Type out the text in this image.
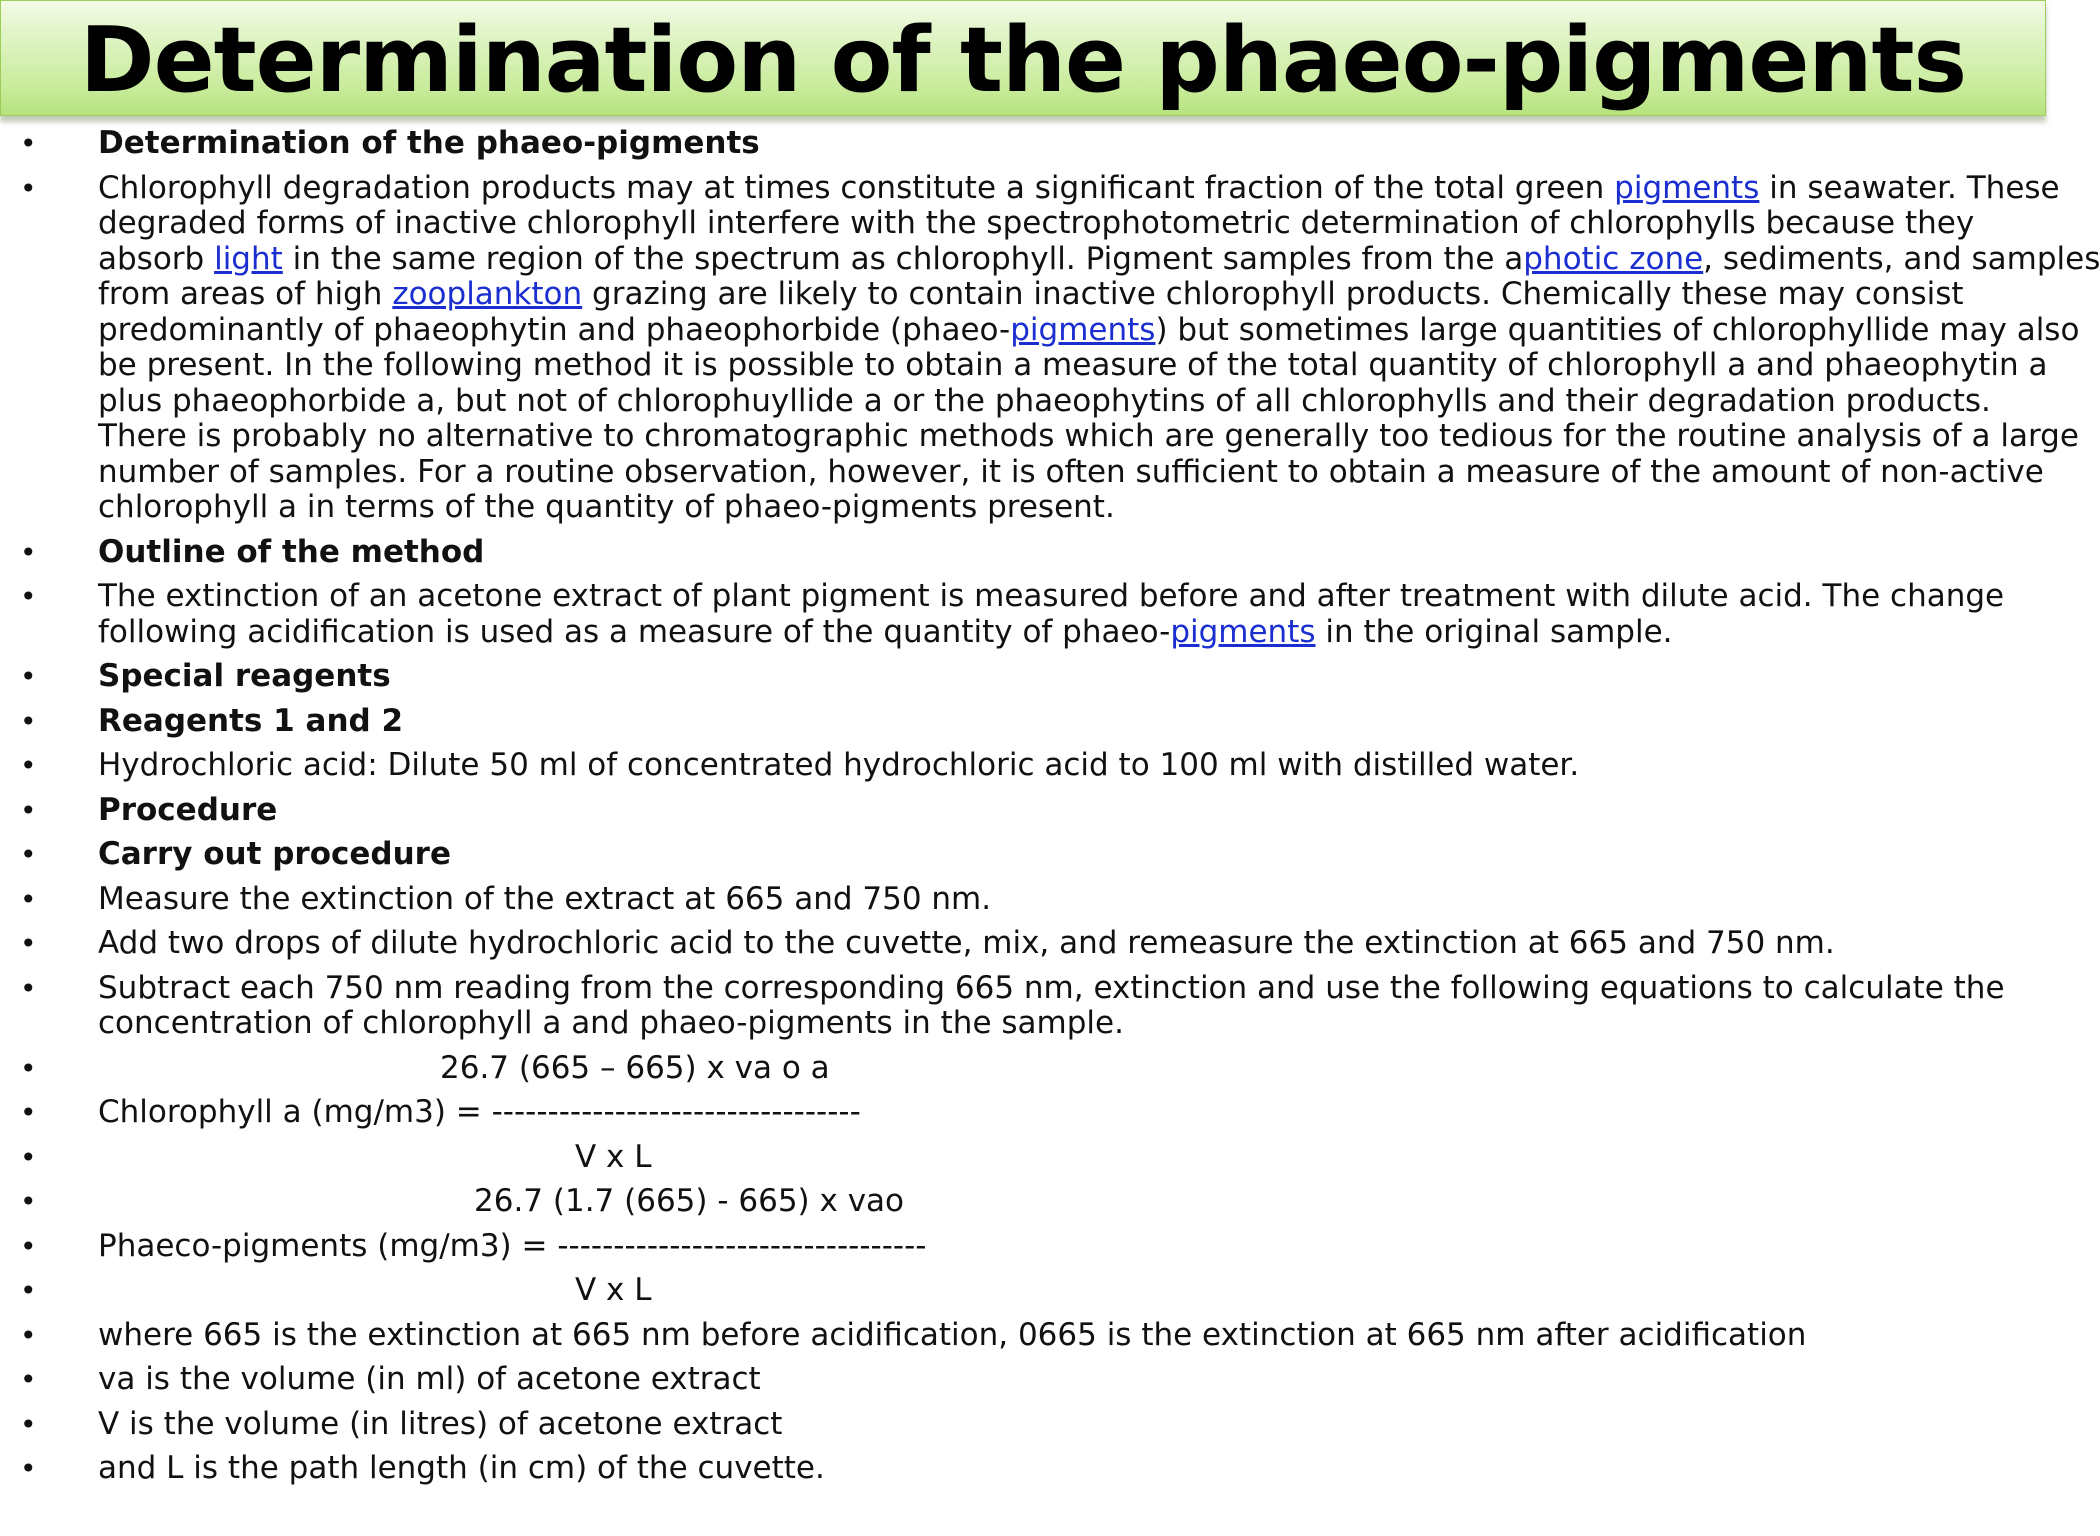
Determination of the phaeo-pigments
• Determination of the phaeo-pigments
• Chlorophyll degradation products may at times constitute a significant fraction of the total green pigments in seawater. These
degraded forms of inactive chlorophyll interfere with the spectrophotometric determination of chlorophylls because they
absorb light in the same region of the spectrum as chlorophyll. Pigment samples from the aphotic zone, sediments, and samples
from areas of high zooplankton grazing are likely to contain inactive chlorophyll products. Chemically these may consist
predominantly of phaeophytin and phaeophorbide (phaeo-pigments) but sometimes large quantities of chlorophyllide may also
be present. In the following method it is possible to obtain a measure of the total quantity of chlorophyll a and phaeophytin a
plus phaeophorbide a, but not of chlorophuyllide a or the phaeophytins of all chlorophylls and their degradation products.
There is probably no alternative to chromatographic methods which are generally too tedious for the routine analysis of a large
number of samples. For a routine observation, however, it is often sufficient to obtain a measure of the amount of non-active
chlorophyll a in terms of the quantity of phaeo-pigments present.
• Outline of the method
• The extinction of an acetone extract of plant pigment is measured before and after treatment with dilute acid. The change
following acidification is used as a measure of the quantity of phaeo-pigments in the original sample.
• Special reagents
• Reagents 1 and 2
• Hydrochloric acid: Dilute 50 ml of concentrated hydrochloric acid to 100 ml with distilled water.
• Procedure
• Carry out procedure
• Measure the extinction of the extract at 665 and 750 nm.
• Add two drops of dilute hydrochloric acid to the cuvette, mix, and remeasure the extinction at 665 and 750 nm.
• Subtract each 750 nm reading from the corresponding 665 nm, extinction and use the following equations to calculate the
concentration of chlorophyll a and phaeo-pigments in the sample.
•	26.7 (665 – 665) x va o a
• Chlorophyll a (mg/m3) = ---------------------------------
•	V x L
•	26.7 (1.7 (665) - 665) x vao
• Phaeco-pigments (mg/m3) = ---------------------------------
•	V x L
• where 665 is the extinction at 665 nm before acidification, 0665 is the extinction at 665 nm after acidification
• va is the volume (in ml) of acetone extract
• V is the volume (in litres) of acetone extract
• and L is the path length (in cm) of the cuvette.
